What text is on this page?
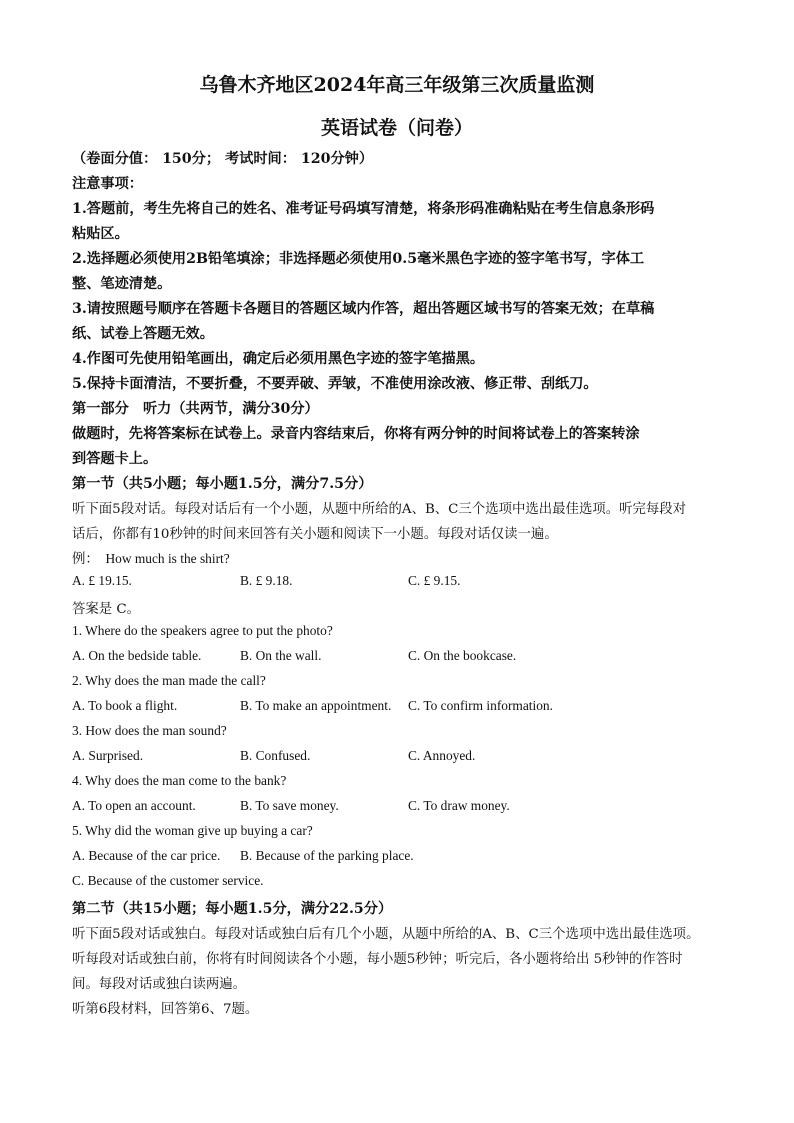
乌鲁木齐地区2024年高三年级第三次质量监测
英语试卷（问卷）
（卷面分值： 150分； 考试时间： 120分钟）
注意事项：
1.答题前，考生先将自己的姓名、准考证号码填写清楚，将条形码准确粘贴在考生信息条形码
粘贴区。
2.选择题必须使用2B铅笔填涂；非选择题必须使用0.5毫米黑色字迹的签字笔书写，字体工
整、笔迹清楚。
3.请按照题号顺序在答题卡各题目的答题区域内作答，超出答题区域书写的答案无效；在草稿
纸、试卷上答题无效。
4.作图可先使用铅笔画出，确定后必须用黑色字迹的签字笔描黑。
5.保持卡面清洁，不要折叠，不要弄破、弄皱，不准使用涂改液、修正带、刮纸刀。
第一部分　听力（共两节，满分30分）
做题时，先将答案标在试卷上。录音内容结束后，你将有两分钟的时间将试卷上的答案转涂
到答题卡上。
第一节（共5小题；每小题1.5分，满分7.5分）
听下面5段对话。每段对话后有一个小题，从题中所给的A、B、C三个选项中选出最佳选项。听完每段对
话后，你都有10秒钟的时间来回答有关小题和阅读下一小题。每段对话仅读一遍。
例：　How much is the shirt?
A. £ 19.15.	B. £ 9.18.	C. £ 9.15.
答案是 C。
1. Where do the speakers agree to put the photo?
A. On the bedside table.	B. On the wall.	C. On the bookcase.
2. Why does the man made the call?
A. To book a flight.	B. To make an appointment. C. To confirm information.
3. How does the man sound?
A. Surprised.	B. Confused.	C. Annoyed.
4. Why does the man come to the bank?
A. To open an account.	B. To save money.	C. To draw money.
5. Why did the woman give up buying a car?
A. Because of the car price. B. Because of the parking place.
C. Because of the customer service.
第二节（共15小题；每小题1.5分，满分22.5分）
听下面5段对话或独白。每段对话或独白后有几个小题，从题中所给的A、B、C三个选项中选出最佳选项。
听每段对话或独白前，你将有时间阅读各个小题，每小题5秒钟；听完后，各小题将给出 5秒钟的作答时
间。每段对话或独白读两遍。
听第6段材料，回答第6、7题。
